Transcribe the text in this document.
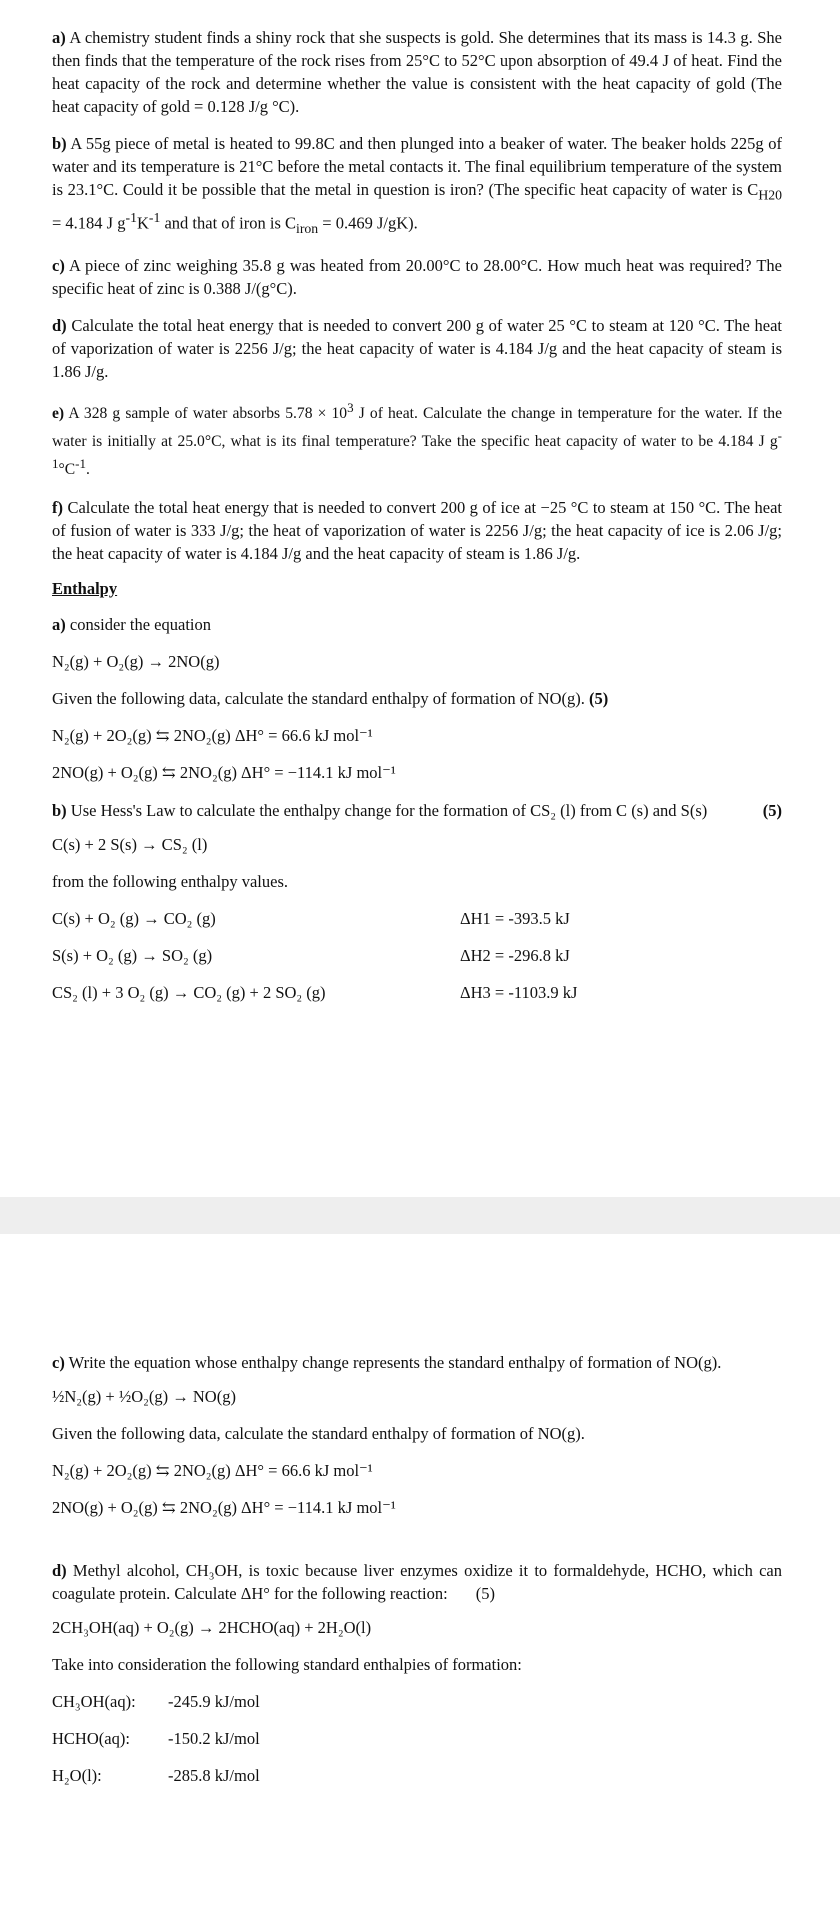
a) A chemistry student finds a shiny rock that she suspects is gold. She determines that its mass is 14.3 g. She then finds that the temperature of the rock rises from 25°C to 52°C upon absorption of 49.4 J of heat. Find the heat capacity of the rock and determine whether the value is consistent with the heat capacity of gold (The heat capacity of gold = 0.128 J/g °C).

b) A 55g piece of metal is heated to 99.8C and then plunged into a beaker of water. The beaker holds 225g of water and its temperature is 21°C before the metal contacts it. The final equilibrium temperature of the system is 23.1°C. Could it be possible that the metal in question is iron? (The specific heat capacity of water is $C_{H20} = 4.184$ J $g^{-1}K^{-1}$ and that of iron is $C_{iron} = 0.469$ J/gK).

c) A piece of zinc weighing 35.8 g was heated from 20.00°C to 28.00°C. How much heat was required? The specific heat of zinc is 0.388 J/(g°C).

d) Calculate the total heat energy that is needed to convert 200 g of water 25 °C to steam at 120 °C. The heat of vaporization of water is 2256 J/g; the heat capacity of water is 4.184 J/g and the heat capacity of steam is 1.86 J/g.

e) A 328 g sample of water absorbs $5.78 \times 10^3$ J of heat. Calculate the change in temperature for the water. If the water is initially at 25.0°C, what is its final temperature? Take the specific heat capacity of water to be 4.184 J $g^{-1}^\circ C^{-1}$.

f) Calculate the total heat energy that is needed to convert 200 g of ice at −25 °C to steam at 150 °C. The heat of fusion of water is 333 J/g; the heat of vaporization of water is 2256 J/g; the heat capacity of ice is 2.06 J/g; the heat capacity of water is 4.184 J/g and the heat capacity of steam is 1.86 J/g.

Enthalpy
a) consider the equation
N₂(g) + O₂(g) → 2NO(g)
Given the following data, calculate the standard enthalpy of formation of NO(g). (5)
N₂(g) + 2O₂(g) ⇆ 2NO₂(g) ΔH° = 66.6 kJ mol⁻¹
2NO(g) + O₂(g) ⇆ 2NO₂(g) ΔH° = −114.1 kJ mol⁻¹

b) Use Hess's Law to calculate the enthalpy change for the formation of CS₂ (l) from C (s) and S(s)	(5)

C(s) + 2 S(s) → CS₂ (l)
from the following enthalpy values.
C(s) + O₂ (g) → CO₂ (g)	ΔH1 = -393.5 kJ
S(s) + O₂ (g) → SO₂ (g)	ΔH2 = -296.8 kJ
CS₂ (l) + 3 O₂ (g) → CO₂ (g) + 2 SO₂ (g)	ΔH3 = -1103.9 kJ

c) Write the equation whose enthalpy change represents the standard enthalpy of formation of NO(g).

½N₂(g) + ½O₂(g) → NO(g)
Given the following data, calculate the standard enthalpy of formation of NO(g).
N₂(g) + 2O₂(g) ⇆ 2NO₂(g) ΔH° = 66.6 kJ mol⁻¹
2NO(g) + O₂(g) ⇆ 2NO₂(g) ΔH° = −114.1 kJ mol⁻¹

d) Methyl alcohol, CH₃OH, is toxic because liver enzymes oxidize it to formaldehyde, HCHO, which can coagulate protein. Calculate ΔH° for the following reaction: (5)

2CH₃OH(aq) + O₂(g) → 2HCHO(aq) + 2H₂O(l)
Take into consideration the following standard enthalpies of formation:
CH₃OH(aq):	-245.9 kJ/mol
HCHO(aq):	-150.2 kJ/mol
H₂O(l):	-285.8 kJ/mol
